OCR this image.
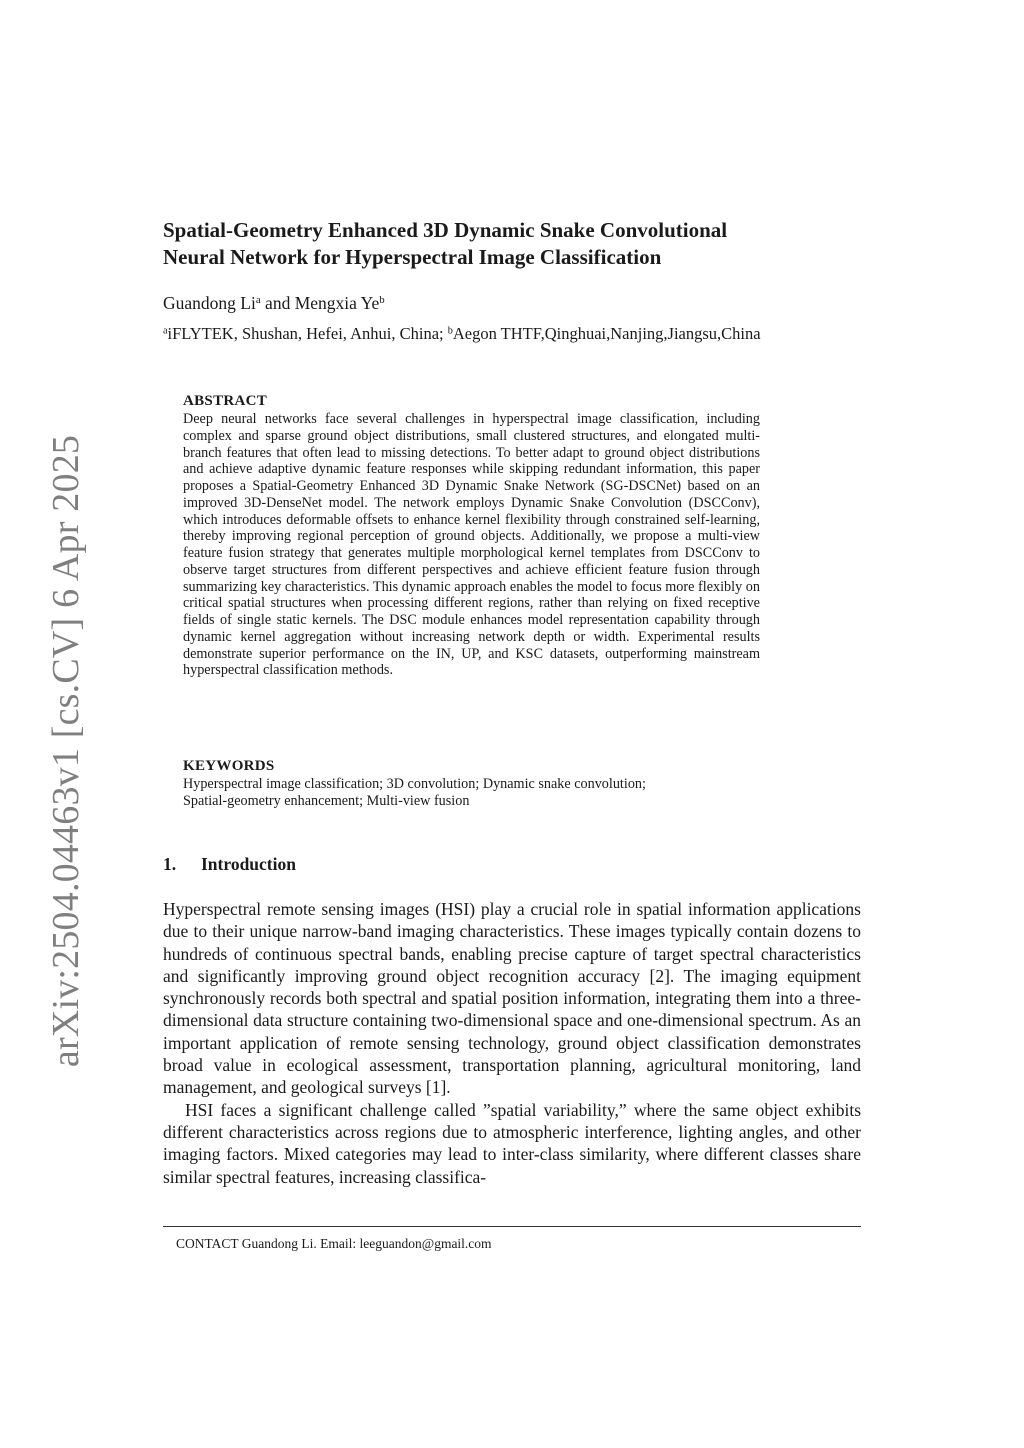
arXiv:2504.04463v1 [cs.CV] 6 Apr 2025
Spatial-Geometry Enhanced 3D Dynamic Snake Convolutional
Neural Network for Hyperspectral Image Classification
Guandong Li$^a$ and Mengxia Ye$^b$
$^a$iFLYTEK, Shushan, Hefei, Anhui, China; $^b$Aegon THTF,Qinghuai,Nanjing,Jiangsu,China
ABSTRACT

Deep neural networks face several challenges in hyperspectral image classification, including complex and sparse ground object distributions, small clustered structures, and elongated multi-branch features that often lead to missing detections. To better adapt to ground object distributions and achieve adaptive dynamic feature responses while skipping redundant information, this paper proposes a Spatial-Geometry Enhanced 3D Dynamic Snake Network (SG-DSCNet) based on an improved 3D-DenseNet model. The network employs Dynamic Snake Convolution (DSCConv), which introduces deformable offsets to enhance kernel flexibility through constrained self-learning, thereby improving regional perception of ground objects. Additionally, we propose a multi-view feature fusion strategy that generates multiple morphological kernel templates from DSCConv to observe target structures from different perspectives and achieve efficient feature fusion through summarizing key characteristics. This dynamic approach enables the model to focus more flexibly on critical spatial structures when processing different regions, rather than relying on fixed receptive fields of single static kernels. The DSC module enhances model representation capability through dynamic kernel aggregation without increasing network depth or width. Experimental results demonstrate superior performance on the IN, UP, and KSC datasets, outperforming mainstream hyperspectral classification methods.

KEYWORDS
Hyperspectral image classification; 3D convolution; Dynamic snake convolution;
Spatial-geometry enhancement; Multi-view fusion
1. Introduction

Hyperspectral remote sensing images (HSI) play a crucial role in spatial information applications due to their unique narrow-band imaging characteristics. These images typically contain dozens to hundreds of continuous spectral bands, enabling precise capture of target spectral characteristics and significantly improving ground object recognition accuracy [2]. The imaging equipment synchronously records both spectral and spatial position information, integrating them into a three-dimensional data structure containing two-dimensional space and one-dimensional spectrum. As an important application of remote sensing technology, ground object classification demonstrates broad value in ecological assessment, transportation planning, agricultural monitoring, land management, and geological surveys [1].

HSI faces a significant challenge called ”spatial variability,” where the same object exhibits different characteristics across regions due to atmospheric interference, lighting angles, and other imaging factors. Mixed categories may lead to inter-class similarity, where different classes share similar spectral features, increasing classifica-

CONTACT Guandong Li. Email: leeguandon@gmail.com
